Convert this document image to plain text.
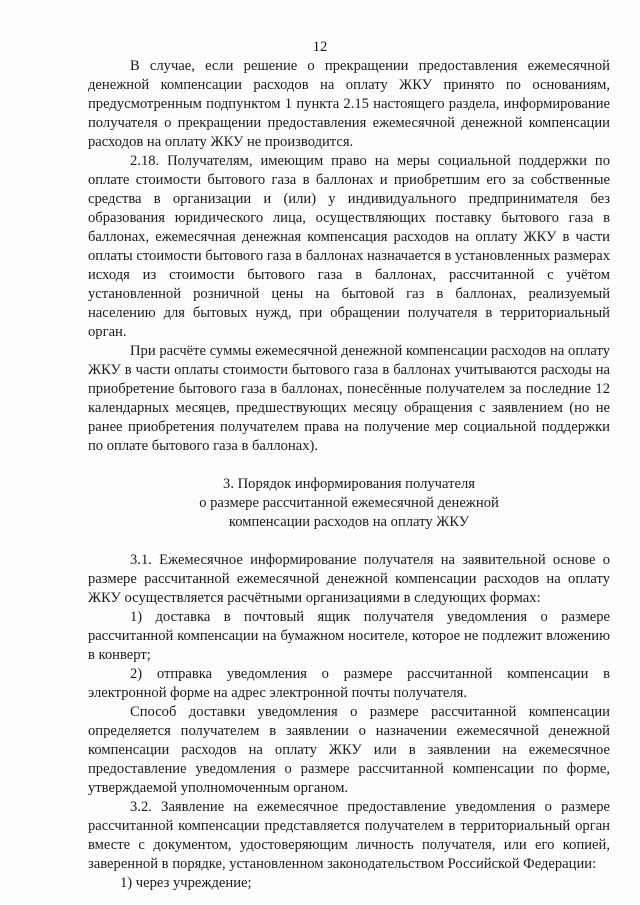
12

В случае, если решение о прекращении предоставления ежемесячной денежной компенсации расходов на оплату ЖКУ принято по основаниям, предусмотренным подпунктом 1 пункта 2.15 настоящего раздела, информирование получателя о прекращении предоставления ежемесячной денежной компенсации расходов на оплату ЖКУ не производится.

2.18. Получателям, имеющим право на меры социальной поддержки по оплате стоимости бытового газа в баллонах и приобретшим его за собственные средства в организации и (или) у индивидуального предпринимателя без образования юридического лица, осуществляющих поставку бытового газа в баллонах, ежемесячная денежная компенсация расходов на оплату ЖКУ в части оплаты стоимости бытового газа в баллонах назначается в установленных размерах исходя из стоимости бытового газа в баллонах, рассчитанной с учётом установленной розничной цены на бытовой газ в баллонах, реализуемый населению для бытовых нужд, при обращении получателя в территориальный орган.

При расчёте суммы ежемесячной денежной компенсации расходов на оплату ЖКУ в части оплаты стоимости бытового газа в баллонах учитываются расходы на приобретение бытового газа в баллонах, понесённые получателем за последние 12 календарных месяцев, предшествующих месяцу обращения с заявлением (но не ранее приобретения получателем права на получение мер социальной поддержки по оплате бытового газа в баллонах).

3. Порядок информирования получателя
о размере рассчитанной ежемесячной денежной
компенсации расходов на оплату ЖКУ

3.1. Ежемесячное информирование получателя на заявительной основе о размере рассчитанной ежемесячной денежной компенсации расходов на оплату ЖКУ осуществляется расчётными организациями в следующих формах:

1) доставка в почтовый ящик получателя уведомления о размере рассчитанной компенсации на бумажном носителе, которое не подлежит вложению в конверт;

2) отправка уведомления о размере рассчитанной компенсации в электронной форме на адрес электронной почты получателя.

Способ доставки уведомления о размере рассчитанной компенсации определяется получателем в заявлении о назначении ежемесячной денежной компенсации расходов на оплату ЖКУ или в заявлении на ежемесячное предоставление уведомления о размере рассчитанной компенсации по форме, утверждаемой уполномоченным органом.

3.2. Заявление на ежемесячное предоставление уведомления о размере рассчитанной компенсации представляется получателем в территориальный орган вместе с документом, удостоверяющим личность получателя, или его копией, заверенной в порядке, установленном законодательством Российской Федерации:

1) через учреждение;
